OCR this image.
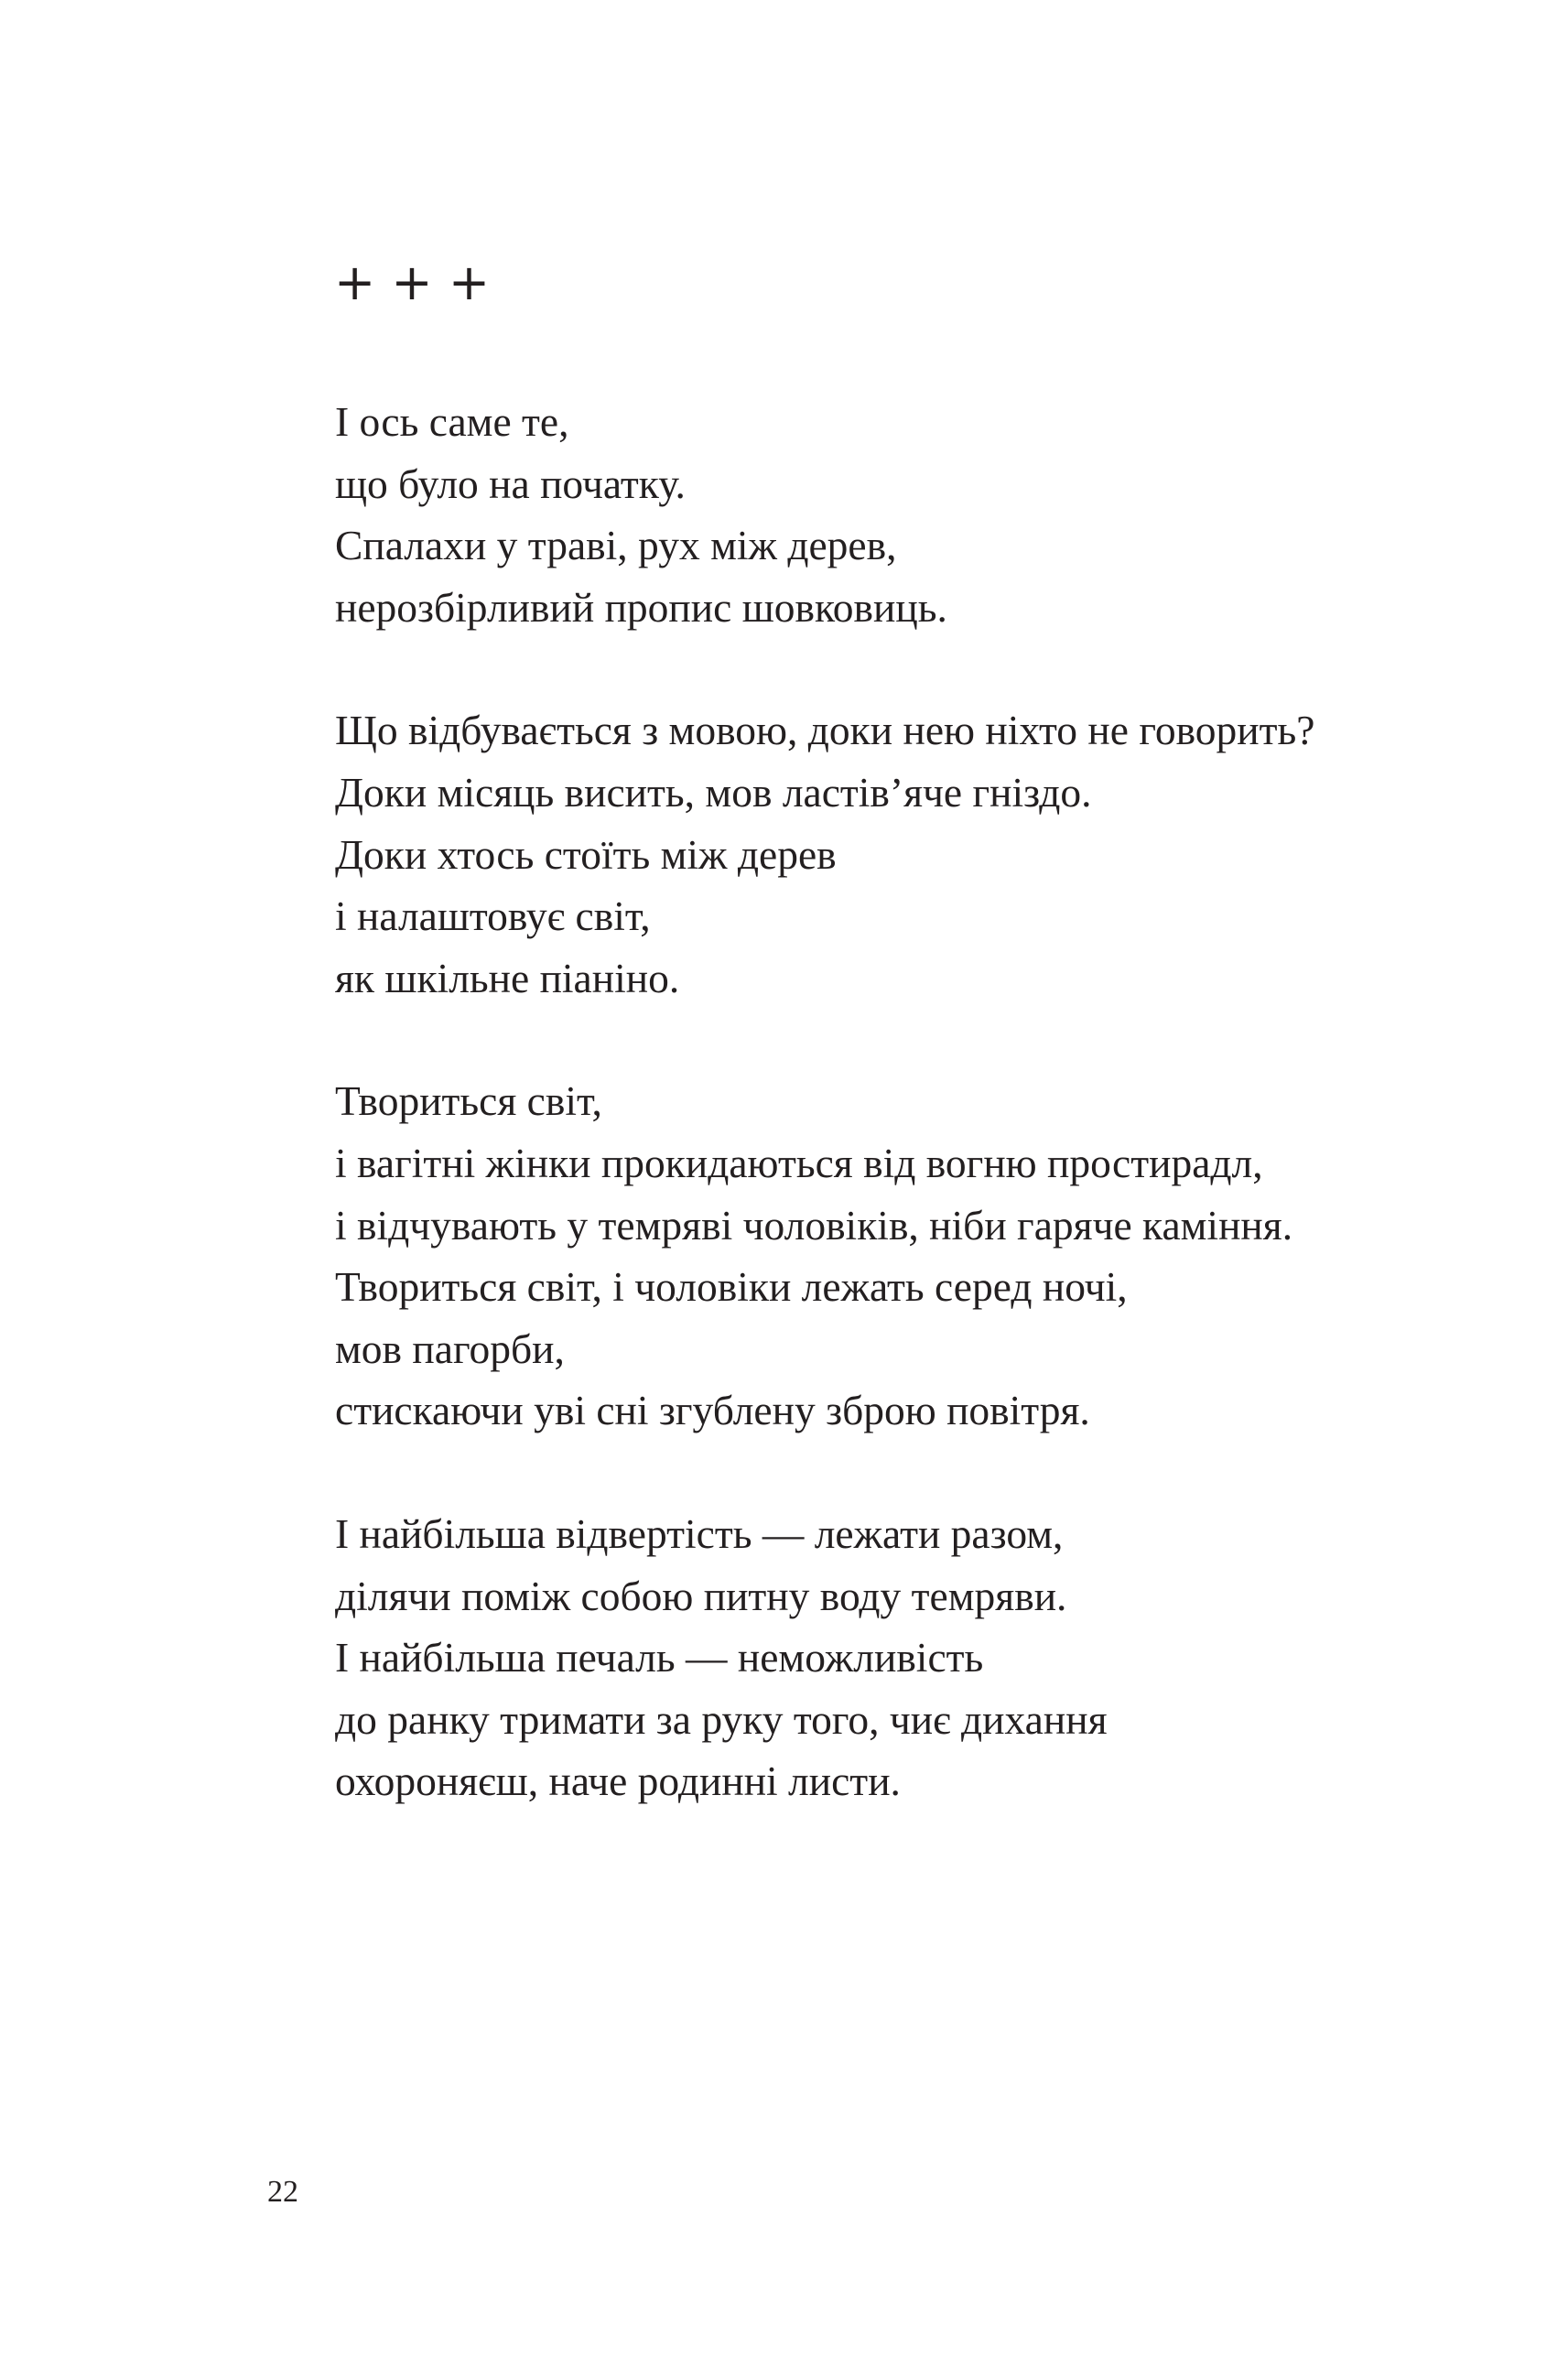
+ + +
І ось саме те,
що було на початку.
Спалахи у траві, рух між дерев,
нерозбірливий пропис шовковиць.
Що відбувається з мовою, доки нею ніхто не говорить?
Доки місяць висить, мов ластів’яче гніздо.
Доки хтось стоїть між дерев
і налаштовує світ,
як шкільне піаніно.
Твориться світ,
і вагітні жінки прокидаються від вогню простирадл,
і відчувають у темряві чоловіків, ніби гаряче каміння.
Твориться світ, і чоловіки лежать серед ночі,
мов пагорби,
стискаючи уві сні згублену зброю повітря.
І найбільша відвертість — лежати разом,
ділячи поміж собою питну воду темряви.
І найбільша печаль — неможливість
до ранку тримати за руку того, чиє дихання
охороняєш, наче родинні листи.
22
